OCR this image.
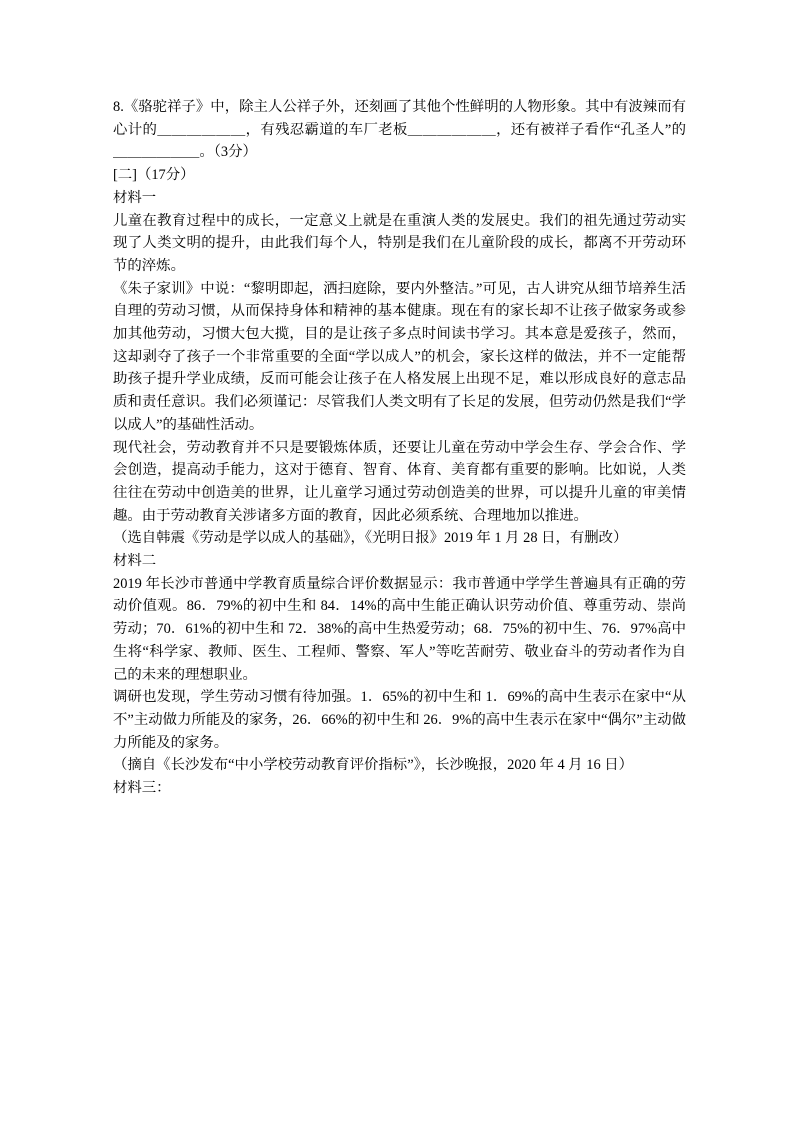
8.《骆驼祥子》中，除主人公祥子外，还刻画了其他个性鲜明的人物形象。其中有波辣而有心计的＿＿＿＿＿＿，有残忍霸道的车厂老板＿＿＿＿＿＿，还有被祥子看作“孔圣人”的＿＿＿＿＿＿。（3分）

[二]（17分）

材料一

儿童在教育过程中的成长，一定意义上就是在重演人类的发展史。我们的祖先通过劳动实现了人类文明的提升，由此我们每个人，特别是我们在儿童阶段的成长，都离不开劳动环节的淬炼。

《朱子家训》中说：“黎明即起，洒扫庭除，要内外整洁。”可见，古人讲究从细节培养生活自理的劳动习惯，从而保持身体和精神的基本健康。现在有的家长却不让孩子做家务或参加其他劳动，习惯大包大揽，目的是让孩子多点时间读书学习。其本意是爱孩子，然而，这却剥夺了孩子一个非常重要的全面“学以成人”的机会，家长这样的做法，并不一定能帮助孩子提升学业成绩，反而可能会让孩子在人格发展上出现不足，难以形成良好的意志品质和责任意识。我们必须谨记：尽管我们人类文明有了长足的发展，但劳动仍然是我们“学以成人”的基础性活动。

现代社会，劳动教育并不只是要锻炼体质，还要让儿童在劳动中学会生存、学会合作、学会创造，提高动手能力，这对于德育、智育、体育、美育都有重要的影响。比如说，人类往往在劳动中创造美的世界，让儿童学习通过劳动创造美的世界，可以提升儿童的审美情趣。由于劳动教育关涉诸多方面的教育，因此必须系统、合理地加以推进。

（选自韩震《劳动是学以成人的基础》，《光明日报》2019 年 1 月 28 日，有删改）

材料二

2019 年长沙市普通中学教育质量综合评价数据显示：我市普通中学学生普遍具有正确的劳动价值观。86．79%的初中生和 84．14%的高中生能正确认识劳动价值、尊重劳动、崇尚劳动；70．61%的初中生和 72．38%的高中生热爱劳动；68．75%的初中生、76．97%高中生将“科学家、教师、医生、工程师、警察、军人”等吃苦耐劳、敬业奋斗的劳动者作为自己的未来的理想职业。

调研也发现，学生劳动习惯有待加强。1．65%的初中生和 1．69%的高中生表示在家中“从不”主动做力所能及的家务，26．66%的初中生和 26．9%的高中生表示在家中“偶尔”主动做力所能及的家务。

（摘自《长沙发布“中小学校劳动教育评价指标”》，长沙晚报，2020 年 4 月 16 日）

材料三：
